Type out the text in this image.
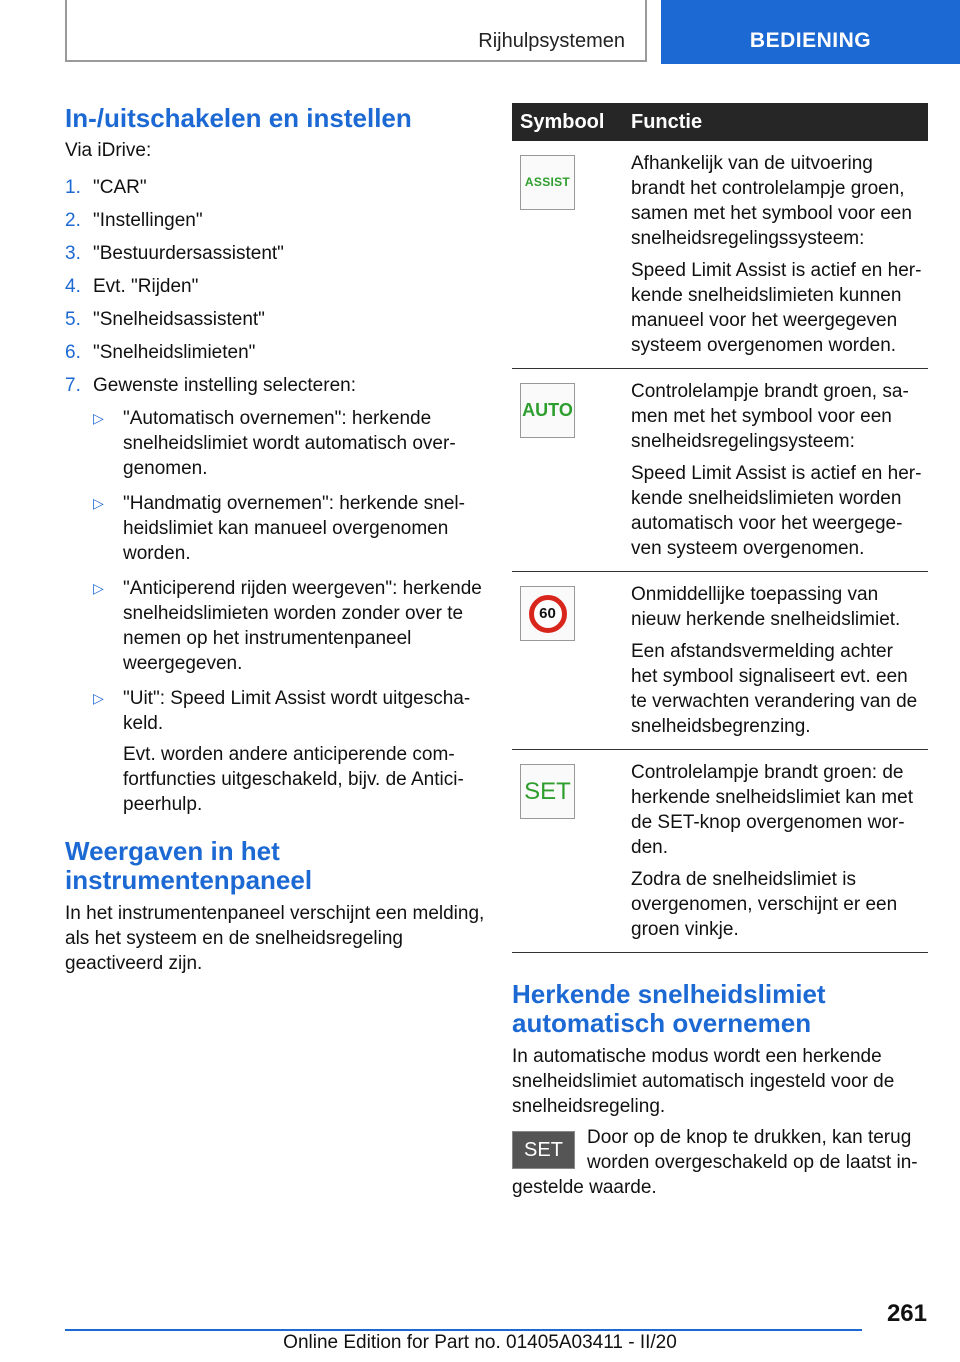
Rijhulpsystemen	BEDIENING
In-/uitschakelen en instellen

Via iDrive:

1. "CAR"
2. "Instellingen"
3. "Bestuurdersassistent"
4. Evt. "Rijden"
5. "Snelheidsassistent"
6. "Snelheidslimieten"
7. Gewenste instelling selecteren:
▷ "Automatisch overnemen": herkende snelheidslimiet wordt automatisch overgenomen.
▷ "Handmatig overnemen": herkende snelheidslimiet kan manueel overgenomen worden.
▷ "Anticiperend rijden weergeven": herkende snelheidslimieten worden zonder over te nemen op het instrumentenpaneel weergegeven.
▷ "Uit": Speed Limit Assist wordt uitgeschakeld.
Evt. worden andere anticiperende comfortfuncties uitgeschakeld, bijv. de Anticipeerhulp.
Weergaven in het instrumentenpaneel

In het instrumentenpaneel verschijnt een melding, als het systeem en de snelheidsregeling geactiveerd zijn.

Symbool	Functie

ASSIST	Afhankelijk van de uitvoering brandt het controlelampje groen, samen met het symbool voor een snelheidsregelingssysteem:

Speed Limit Assist is actief en herkende snelheidslimieten kunnen manueel voor het weergegeven systeem overgenomen worden.

AUTO	Controlelampje brandt groen, samen met het symbool voor een snelheidsregelingsysteem:

Speed Limit Assist is actief en herkende snelheidslimieten worden automatisch voor het weergegeven systeem overgenomen.

60	Onmiddellijke toepassing van nieuw herkende snelheidslimiet.

Een afstandsvermelding achter het symbool signaliseert evt. een te verwachten verandering van de snelheidsbegrenzing.

SET	Controlelampje brandt groen: de herkende snelheidslimiet kan met de SET-knop overgenomen worden.

Zodra de snelheidslimiet is overgenomen, verschijnt er een groen vinkje.

Herkende snelheidslimiet automatisch overnemen

In automatische modus wordt een herkende snelheidslimiet automatisch ingesteld voor de snelheidsregeling.

SET

Door op de knop te drukken, kan terug worden overgeschakeld op de laatst ingestelde waarde.

261
Online Edition for Part no. 01405A03411 - II/20
